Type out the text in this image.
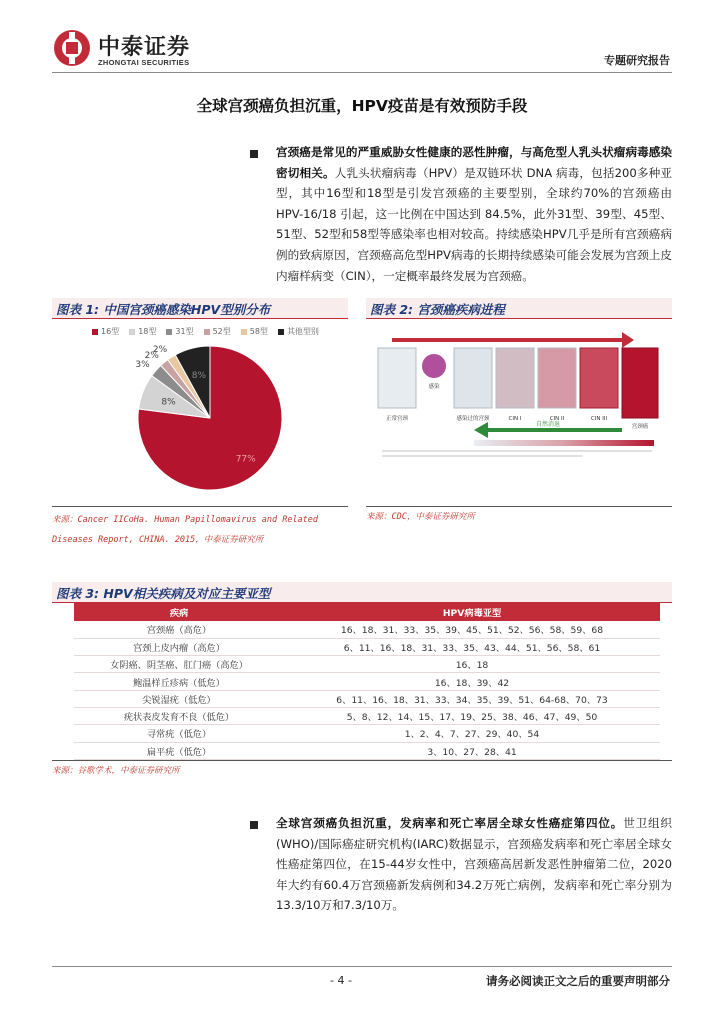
中泰证券
ZHONGTAI SECURITIES	专题研究报告
全球宫颈癌负担沉重，HPV疫苗是有效预防手段
宫颈癌是常见的严重威胁女性健康的恶性肿瘤，与高危型人乳头状瘤病毒感染密切相关。人乳头状瘤病毒（HPV）是双链环状 DNA 病毒，包括200多种亚型，其中16型和18型是引发宫颈癌的主要型别，全球约70%的宫颈癌由 HPV-16/18 引起，这一比例在中国达到 84.5%，此外31型、39型、45型、51型、52型和58型等感染率也相对较高。持续感染HPV几乎是所有宫颈癌病例的致病原因，宫颈癌高危型HPV病毒的长期持续感染可能会发展为宫颈上皮内瘤样病变（CIN），一定概率最终发展为宫颈癌。
图表 1: 中国宫颈癌感染HPV型别分布
16型 18型 31型 52型 58型 其他型别
77%
8%
3%
2%
2%
8%
来源：Cancer IICoHa. Human Papillomavirus and Related Diseases Report, CHINA. 2015，中泰证券研究所
图表 2: 宫颈癌疾病进程
持续感染
正常宫颈
感染
感染过的宫颈	CIN I	CIN II	CIN III
宫颈癌
自然消退
来源：CDC，中泰证券研究所
图表 3: HPV相关疾病及对应主要亚型
疾病	HPV病毒亚型
宫颈癌（高危）	16、18、31、33、35、39、45、51、52、56、58、59、68
宫颈上皮内瘤（高危）	6、11、16、18、31、33、35、43、44、51、56、58、61
女阴癌、阴茎癌、肛门癌（高危）	16、18
鲍温样丘疹病（低危）	16、18、39、42
尖锐湿疣（低危）	6、11、16、18、31、33、34、35、39、51、64-68、70、73
疣状表皮发育不良（低危）	5、8、12、14、15、17、19、25、38、46、47、49、50
寻常疣（低危）	1、2、4、7、27、29、40、54
扁平疣（低危）	3、10、27、28、41
来源：谷歌学术，中泰证券研究所
全球宫颈癌负担沉重，发病率和死亡率居全球女性癌症第四位。世卫组织(WHO)/国际癌症研究机构(IARC)数据显示，宫颈癌发病率和死亡率居全球女性癌症第四位，在15-44岁女性中，宫颈癌高居新发恶性肿瘤第二位，2020年大约有60.4万宫颈癌新发病例和34.2万死亡病例，发病率和死亡率分别为13.3/10万和7.3/10万。
- 4 -	请务必阅读正文之后的重要声明部分
